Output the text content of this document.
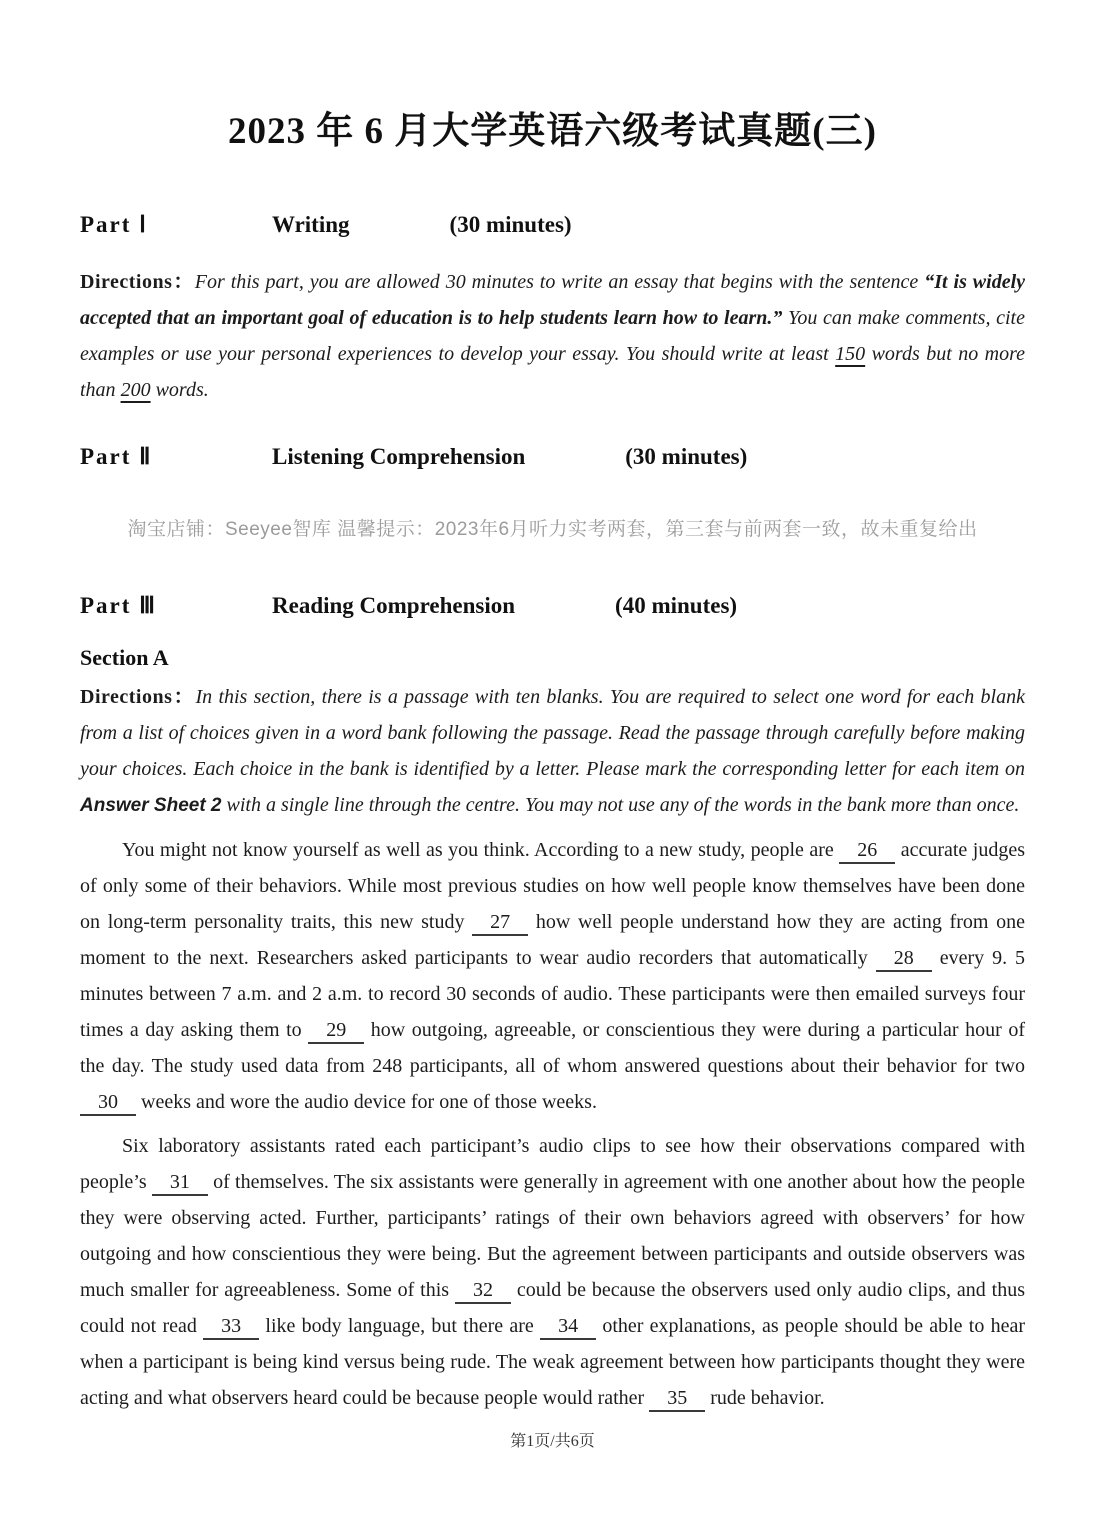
2023 年 6 月大学英语六级考试真题(三)
Part Ⅰ	Writing	(30 minutes)

Directions：For this part, you are allowed 30 minutes to write an essay that begins with the sentence “It is widely accepted that an important goal of education is to help students learn how to learn.” You can make comments, cite examples or use your personal experiences to develop your essay. You should write at least 150 words but no more than 200 words.

Part Ⅱ	Listening Comprehension	(30 minutes)
淘宝店铺：Seeyee智库 温馨提示：2023年6月听力实考两套，第三套与前两套一致，故未重复给出
Part Ⅲ	Reading Comprehension	(40 minutes)
Section A

Directions：In this section, there is a passage with ten blanks. You are required to select one word for each blank from a list of choices given in a word bank following the passage. Read the passage through carefully before making your choices. Each choice in the bank is identified by a letter. Please mark the corresponding letter for each item on Answer Sheet 2 with a single line through the centre. You may not use any of the words in the bank more than once.

You might not know yourself as well as you think. According to a new study, people are 26 accurate judges of only some of their behaviors. While most previous studies on how well people know themselves have been done on long-term personality traits, this new study 27 how well people understand how they are acting from one moment to the next. Researchers asked participants to wear audio recorders that automatically 28 every 9. 5 minutes between 7 a.m. and 2 a.m. to record 30 seconds of audio. These participants were then emailed surveys four times a day asking them to 29 how outgoing, agreeable, or conscientious they were during a particular hour of the day. The study used data from 248 participants, all of whom answered questions about their behavior for two 30 weeks and wore the audio device for one of those weeks.

Six laboratory assistants rated each participant’s audio clips to see how their observations compared with people’s 31 of themselves. The six assistants were generally in agreement with one another about how the people they were observing acted. Further, participants’ ratings of their own behaviors agreed with observers’ for how outgoing and how conscientious they were being. But the agreement between participants and outside observers was much smaller for agreeableness. Some of this 32 could be because the observers used only audio clips, and thus could not read 33 like body language, but there are 34 other explanations, as people should be able to hear when a participant is being kind versus being rude. The weak agreement between how participants thought they were acting and what observers heard could be because people would rather 35 rude behavior.

第1页/共6页
